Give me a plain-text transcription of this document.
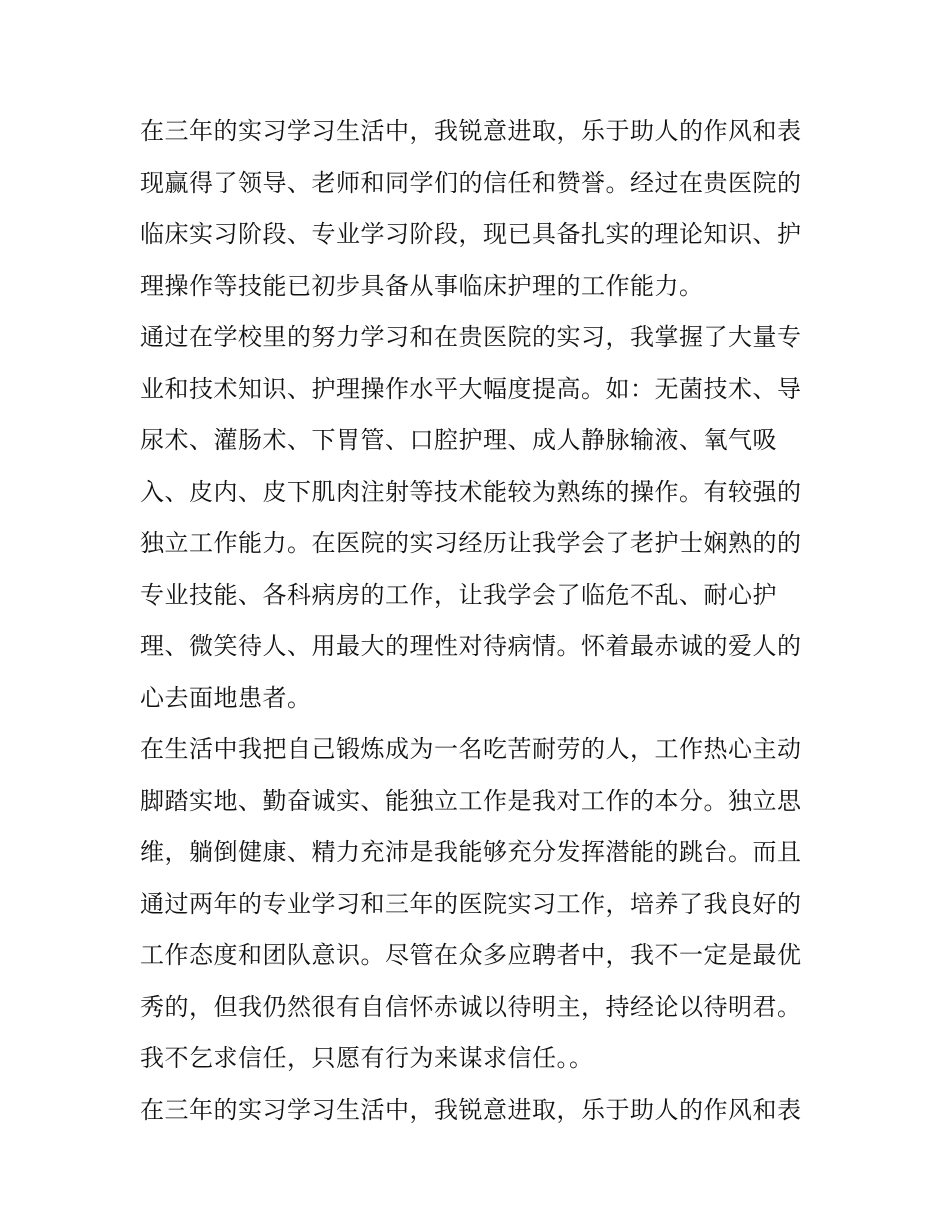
在三年的实习学习生活中，我锐意进取，乐于助人的作风和表
现赢得了领导、老师和同学们的信任和赞誉。经过在贵医院的
临床实习阶段、专业学习阶段，现已具备扎实的理论知识、护
理操作等技能已初步具备从事临床护理的工作能力。
通过在学校里的努力学习和在贵医院的实习，我掌握了大量专
业和技术知识、护理操作水平大幅度提高。如：无菌技术、导
尿术、灌肠术、下胃管、口腔护理、成人静脉输液、氧气吸
入、皮内、皮下肌肉注射等技术能较为熟练的操作。有较强的
独立工作能力。在医院的实习经历让我学会了老护士娴熟的的
专业技能、各科病房的工作，让我学会了临危不乱、耐心护
理、微笑待人、用最大的理性对待病情。怀着最赤诚的爱人的
心去面地患者。
在生活中我把自己锻炼成为一名吃苦耐劳的人，工作热心主动
脚踏实地、勤奋诚实、能独立工作是我对工作的本分。独立思
维，躺倒健康、精力充沛是我能够充分发挥潜能的跳台。而且
通过两年的专业学习和三年的医院实习工作，培养了我良好的
工作态度和团队意识。尽管在众多应聘者中，我不一定是最优
秀的，但我仍然很有自信怀赤诚以待明主，持经论以待明君。
我不乞求信任，只愿有行为来谋求信任。。
在三年的实习学习生活中，我锐意进取，乐于助人的作风和表
